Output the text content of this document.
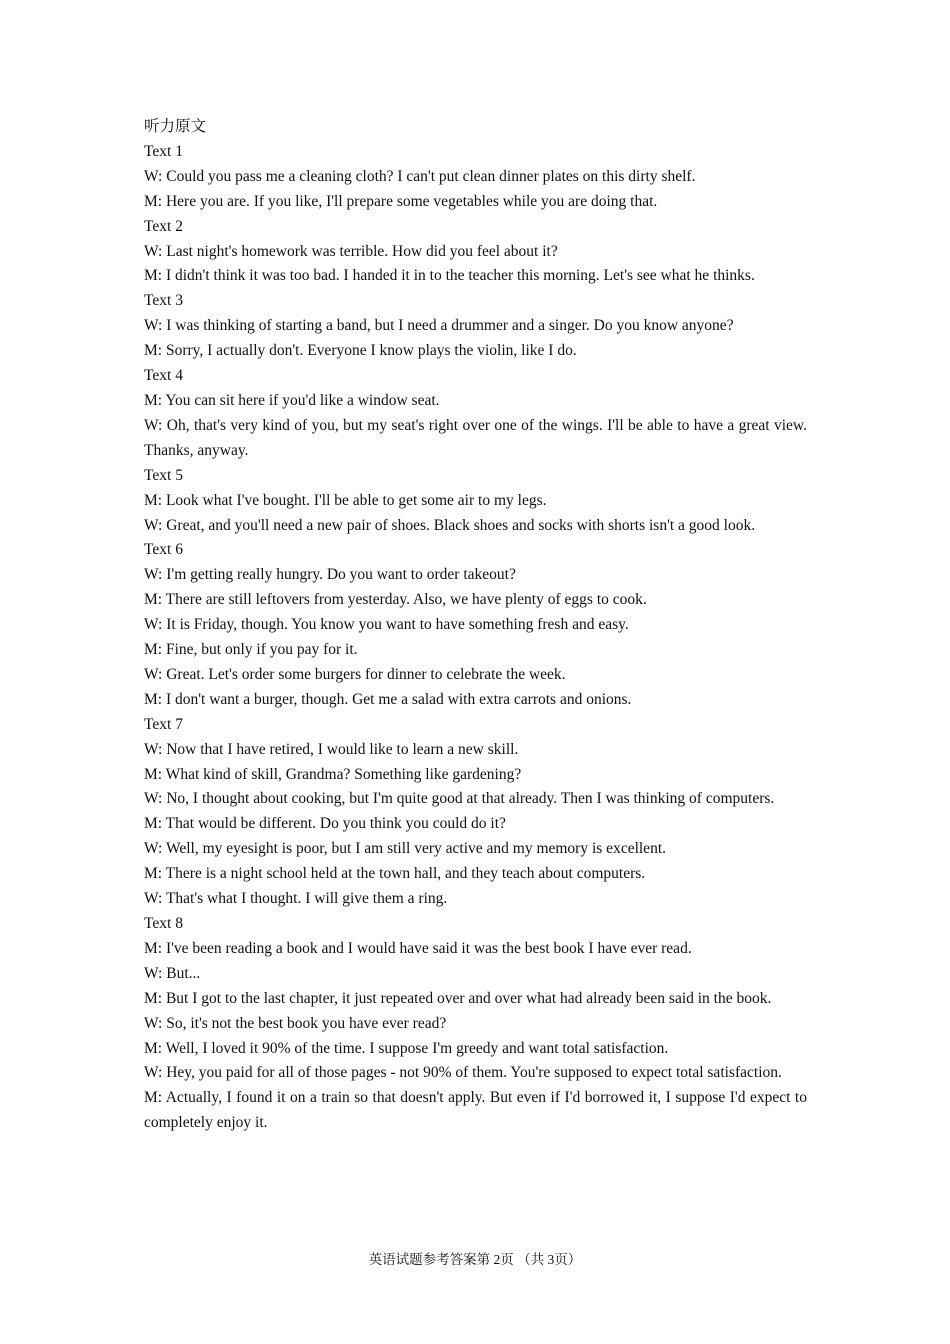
听力原文
Text 1
W: Could you pass me a cleaning cloth? I can't put clean dinner plates on this dirty shelf.
M: Here you are. If you like, I'll prepare some vegetables while you are doing that.
Text 2
W: Last night's homework was terrible. How did you feel about it?
M: I didn't think it was too bad. I handed it in to the teacher this morning. Let's see what he thinks.
Text 3
W: I was thinking of starting a band, but I need a drummer and a singer. Do you know anyone?
M: Sorry, I actually don't. Everyone I know plays the violin, like I do.
Text 4
M: You can sit here if you'd like a window seat.
W: Oh, that's very kind of you, but my seat's right over one of the wings. I'll be able to have a great view. Thanks, anyway.
Text 5
M: Look what I've bought. I'll be able to get some air to my legs.
W: Great, and you'll need a new pair of shoes. Black shoes and socks with shorts isn't a good look.
Text 6
W: I'm getting really hungry. Do you want to order takeout?
M: There are still leftovers from yesterday. Also, we have plenty of eggs to cook.
W: It is Friday, though. You know you want to have something fresh and easy.
M: Fine, but only if you pay for it.
W: Great. Let's order some burgers for dinner to celebrate the week.
M: I don't want a burger, though. Get me a salad with extra carrots and onions.
Text 7
W: Now that I have retired, I would like to learn a new skill.
M: What kind of skill, Grandma? Something like gardening?
W: No, I thought about cooking, but I'm quite good at that already. Then I was thinking of computers.
M: That would be different. Do you think you could do it?
W: Well, my eyesight is poor, but I am still very active and my memory is excellent.
M: There is a night school held at the town hall, and they teach about computers.
W: That's what I thought. I will give them a ring.
Text 8
M: I've been reading a book and I would have said it was the best book I have ever read.
W: But...
M: But I got to the last chapter, it just repeated over and over what had already been said in the book.
W: So, it's not the best book you have ever read?
M: Well, I loved it 90% of the time. I suppose I'm greedy and want total satisfaction.
W: Hey, you paid for all of those pages - not 90% of them. You're supposed to expect total satisfaction.
M: Actually, I found it on a train so that doesn't apply. But even if I'd borrowed it, I suppose I'd expect to completely enjoy it.
英语试题参考答案第 2页 （共 3页）
